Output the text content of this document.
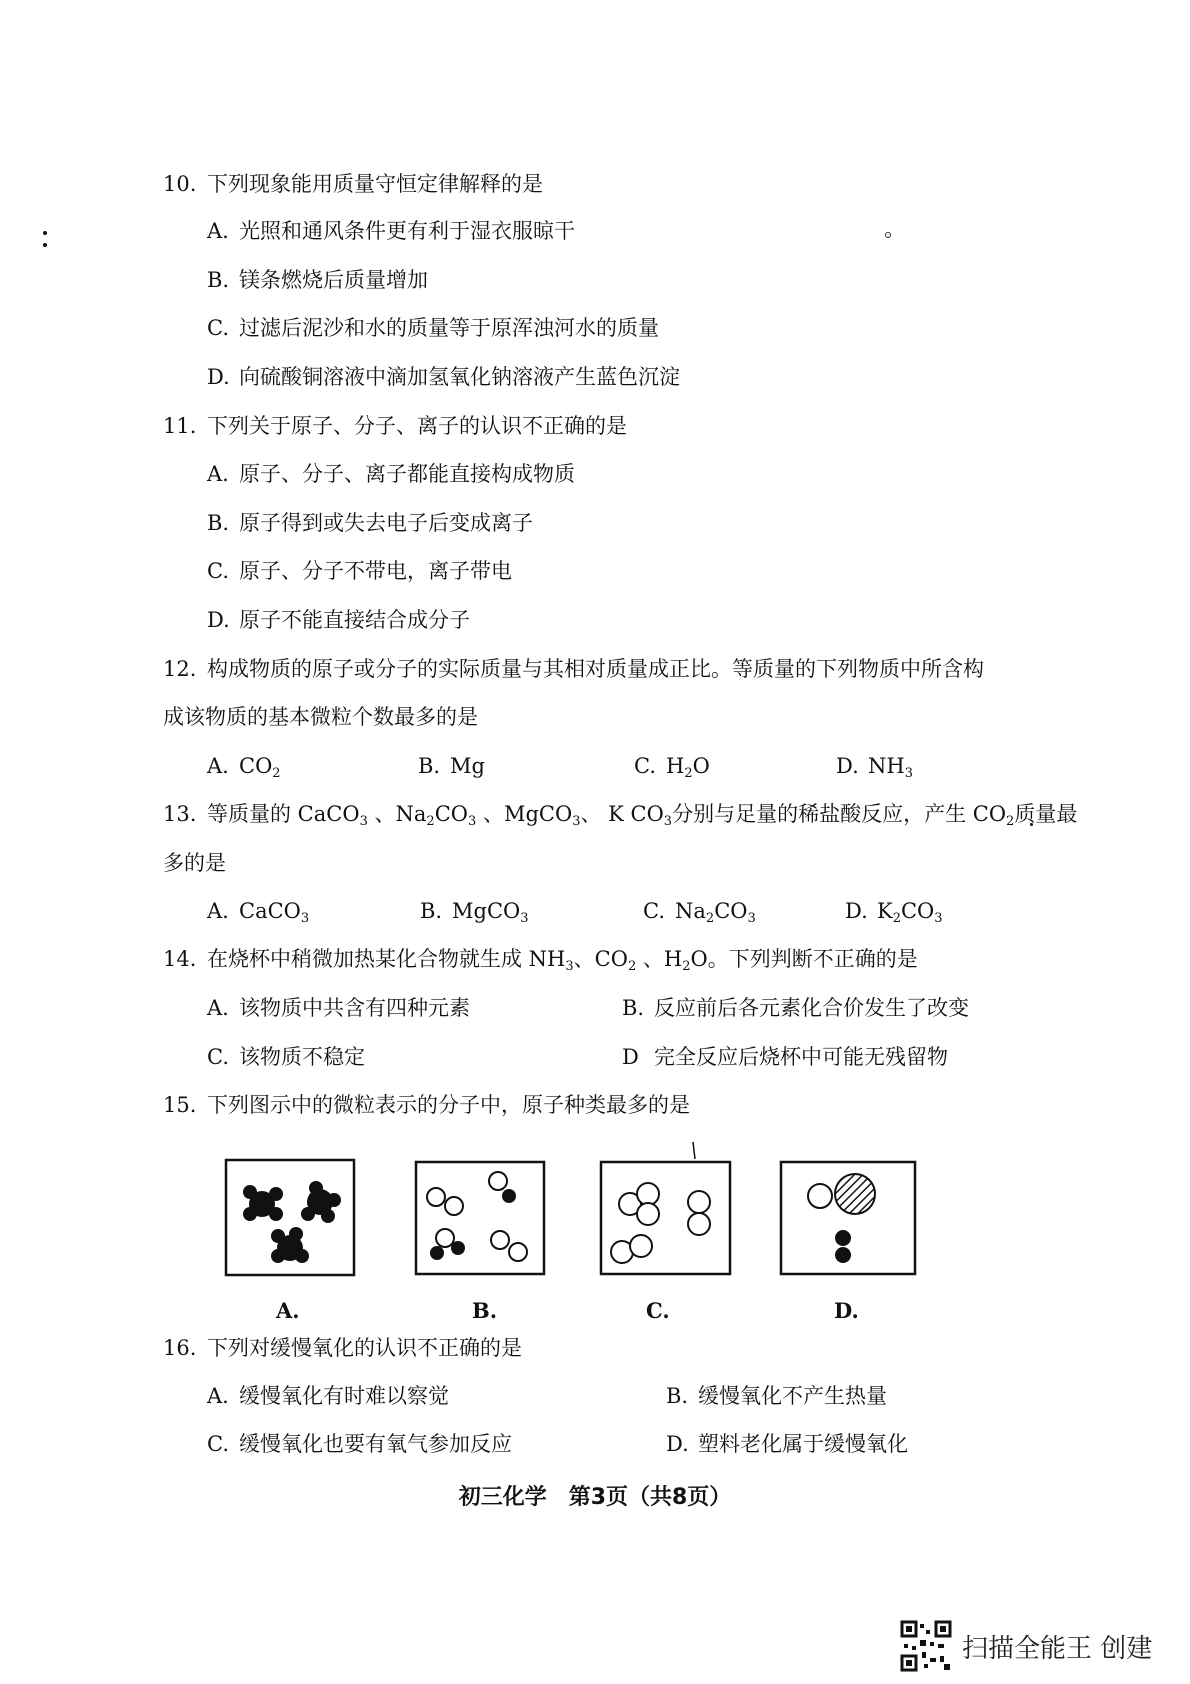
10. 下列现象能用质量守恒定律解释的是
A. 光照和通风条件更有利于湿衣服晾干
B. 镁条燃烧后质量增加
C. 过滤后泥沙和水的质量等于原浑浊河水的质量
D. 向硫酸铜溶液中滴加氢氧化钠溶液产生蓝色沉淀
11. 下列关于原子、分子、离子的认识不正确的是
A. 原子、分子、离子都能直接构成物质
B. 原子得到或失去电子后变成离子
C. 原子、分子不带电，离子带电
D. 原子不能直接结合成分子
12. 构成物质的原子或分子的实际质量与其相对质量成正比。等质量的下列物质中所含构
成该物质的基本微粒个数最多的是
A. $CO_2$	B. Mg	C. $H_2O$	D. $NH_3$
13. 等质量的 CaCO$_3$ 、$Na_2CO_3$ 、MgCO$_3$、 K $CO_3$分别与足量的稀盐酸反应，产生 $CO_2$质量最
多的是
A. CaCO$_3$	B. MgCO$_3$	C. $Na_2CO_3$	D. $K_2CO_3$
14. 在烧杯中稍微加热某化合物就生成 $NH_3$、$CO_2$ 、$H_2O$。下列判断不正确的是
A. 该物质中共含有四种元素	B. 反应前后各元素化合价发生了改变
C. 该物质不稳定	D 完全反应后烧杯中可能无残留物
15. 下列图示中的微粒表示的分子中，原子种类最多的是
A.	B.	C.	D.
16. 下列对缓慢氧化的认识不正确的是
A. 缓慢氧化有时难以察觉	B. 缓慢氧化不产生热量
C. 缓慢氧化也要有氧气参加反应	D. 塑料老化属于缓慢氧化
初三化学　第3页（共8页）
扫描全能王 创建
